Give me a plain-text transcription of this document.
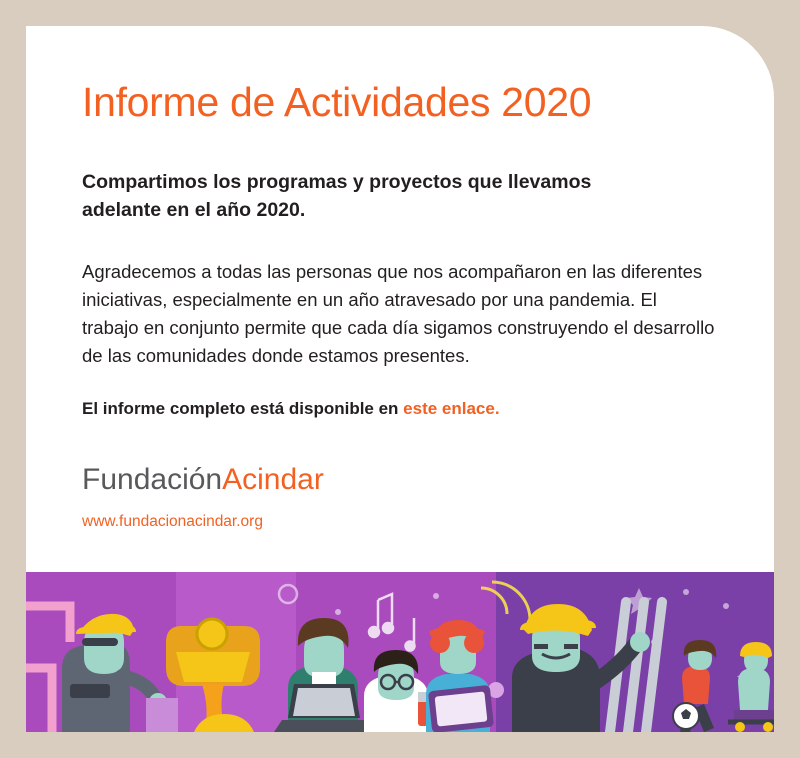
Informe de Actividades 2020

Compartimos los programas y proyectos que llevamos adelante en el año 2020.

Agradecemos a todas las personas que nos acompañaron en las diferentes iniciativas, especialmente en un año atravesado por una pandemia. El trabajo en conjunto permite que cada día sigamos construyendo el desarrollo de las comunidades donde estamos presentes.

El informe completo está disponible en este enlace.

FundaciónAcindar
www.fundacionacindar.org
